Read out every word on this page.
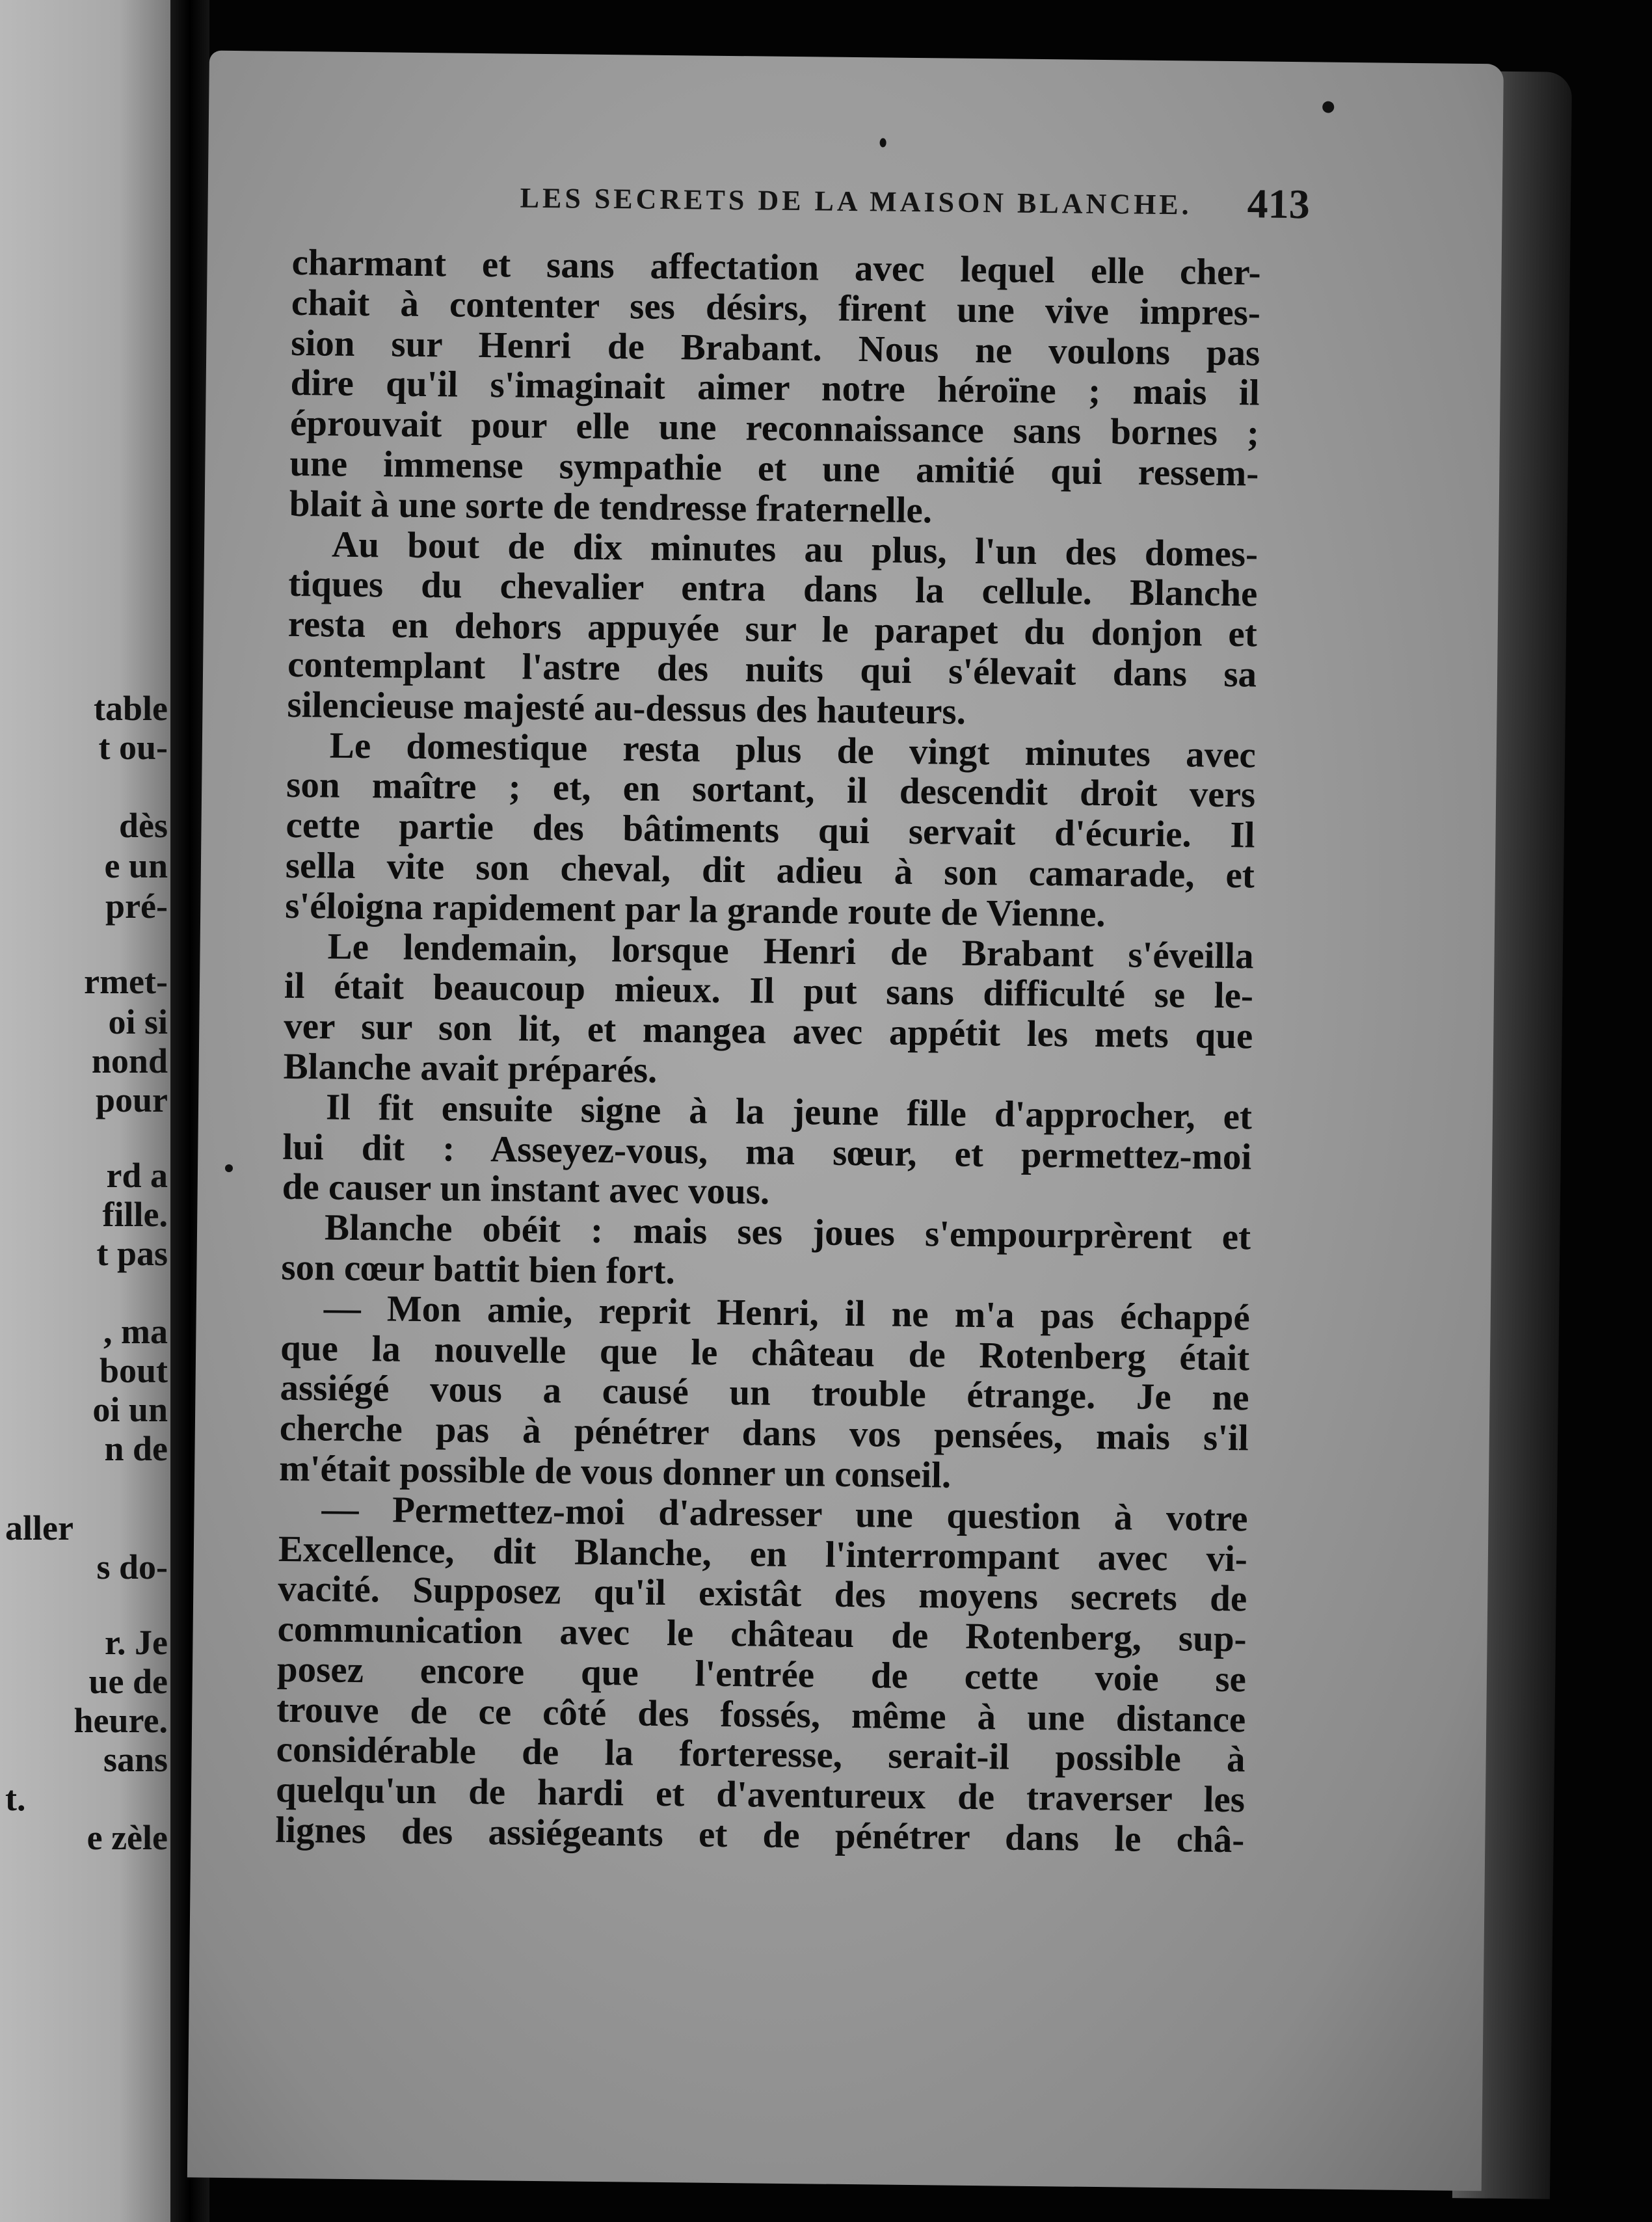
table
t ou-
dès
e un
pré-
rmet-
oi si
nond
pour
rd a
fille.
t pas
, ma
bout
oi un
n de
aller
s do-
r. Je
ue de
heure.
sans
t.
e zèle
LES SECRETS DE LA MAISON BLANCHE. 413
charmant et sans affectation avec lequel elle cher-
chait à contenter ses désirs, firent une vive impres-
sion sur Henri de Brabant. Nous ne voulons pas
dire qu'il s'imaginait aimer notre héroïne ; mais il
éprouvait pour elle une reconnaissance sans bornes ;
une immense sympathie et une amitié qui ressem-
blait à une sorte de tendresse fraternelle.
Au bout de dix minutes au plus, l'un des domes-
tiques du chevalier entra dans la cellule. Blanche
resta en dehors appuyée sur le parapet du donjon et
contemplant l'astre des nuits qui s'élevait dans sa
silencieuse majesté au-dessus des hauteurs.
Le domestique resta plus de vingt minutes avec
son maître ; et, en sortant, il descendit droit vers
cette partie des bâtiments qui servait d'écurie. Il
sella vite son cheval, dit adieu à son camarade, et
s'éloigna rapidement par la grande route de Vienne.
Le lendemain, lorsque Henri de Brabant s'éveilla
il était beaucoup mieux. Il put sans difficulté se le-
ver sur son lit, et mangea avec appétit les mets que
Blanche avait préparés.
Il fit ensuite signe à la jeune fille d'approcher, et
lui dit : Asseyez-vous, ma sœur, et permettez-moi
de causer un instant avec vous.
Blanche obéit : mais ses joues s'empourprèrent et
son cœur battit bien fort.
— Mon amie, reprit Henri, il ne m'a pas échappé
que la nouvelle que le château de Rotenberg était
assiégé vous a causé un trouble étrange. Je ne
cherche pas à pénétrer dans vos pensées, mais s'il
m'était possible de vous donner un conseil.
— Permettez-moi d'adresser une question à votre
Excellence, dit Blanche, en l'interrompant avec vi-
vacité. Supposez qu'il existât des moyens secrets de
communication avec le château de Rotenberg, sup-
posez encore que l'entrée de cette voie se
trouve de ce côté des fossés, même à une distance
considérable de la forteresse, serait-il possible à
quelqu'un de hardi et d'aventureux de traverser les
lignes des assiégeants et de pénétrer dans le châ-
